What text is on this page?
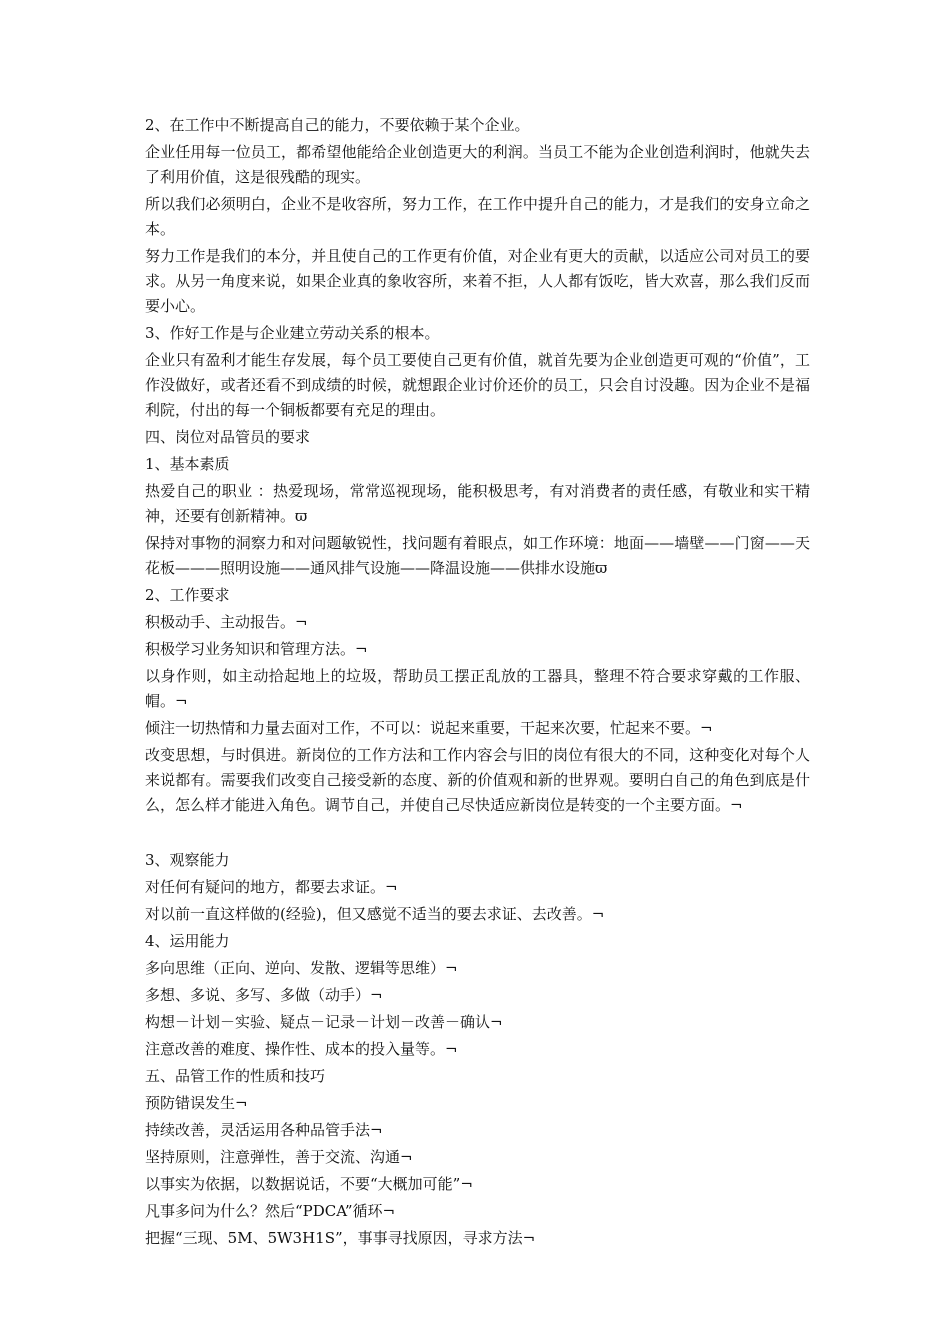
2、在工作中不断提高自己的能力，不要依赖于某个企业。

企业任用每一位员工，都希望他能给企业创造更大的利润。当员工不能为企业创造利润时，他就失去了利用价值，这是很残酷的现实。

所以我们必须明白，企业不是收容所，努力工作，在工作中提升自己的能力，才是我们的安身立命之本。

努力工作是我们的本分，并且使自己的工作更有价值，对企业有更大的贡献，以适应公司对员工的要求。从另一角度来说，如果企业真的象收容所，来着不拒，人人都有饭吃，皆大欢喜，那么我们反而要小心。

3、作好工作是与企业建立劳动关系的根本。

企业只有盈利才能生存发展，每个员工要使自己更有价值，就首先要为企业创造更可观的“价值”，工作没做好，或者还看不到成绩的时候，就想跟企业讨价还价的员工，只会自讨没趣。因为企业不是福利院，付出的每一个铜板都要有充足的理由。

四、岗位对品管员的要求

1、基本素质

热爱自己的职业 ：热爱现场，常常巡视现场，能积极思考，有对消费者的责任感，有敬业和实干精神，还要有创新精神。ϖ

保持对事物的洞察力和对问题敏锐性，找问题有着眼点，如工作环境：地面——墙壁——门窗——天花板———照明设施——通风排气设施——降温设施——供排水设施ϖ

2、工作要求

积极动手、主动报告。¬

积极学习业务知识和管理方法。¬

以身作则，如主动拾起地上的垃圾，帮助员工摆正乱放的工器具，整理不符合要求穿戴的工作服、帽。¬

倾注一切热情和力量去面对工作，不可以：说起来重要，干起来次要，忙起来不要。¬

改变思想，与时俱进。新岗位的工作方法和工作内容会与旧的岗位有很大的不同，这种变化对每个人来说都有。需要我们改变自己接受新的态度、新的价值观和新的世界观。要明白自己的角色到底是什么，怎么样才能进入角色。调节自己，并使自己尽快适应新岗位是转变的一个主要方面。¬

3、观察能力

对任何有疑问的地方，都要去求证。¬

对以前一直这样做的(经验)，但又感觉不适当的要去求证、去改善。¬

4、运用能力

多向思维（正向、逆向、发散、逻辑等思维）¬

多想、多说、多写、多做（动手）¬

构想－计划－实验、疑点－记录－计划－改善－确认¬

注意改善的难度、操作性、成本的投入量等。¬

五、品管工作的性质和技巧

预防错误发生¬

持续改善，灵活运用各种品管手法¬

坚持原则，注意弹性，善于交流、沟通¬

以事实为依据，以数据说话，不要“大概加可能”¬

凡事多问为什么？然后“PDCA”循环¬

把握“三现、5M、5W3H1S”，事事寻找原因，寻求方法¬
